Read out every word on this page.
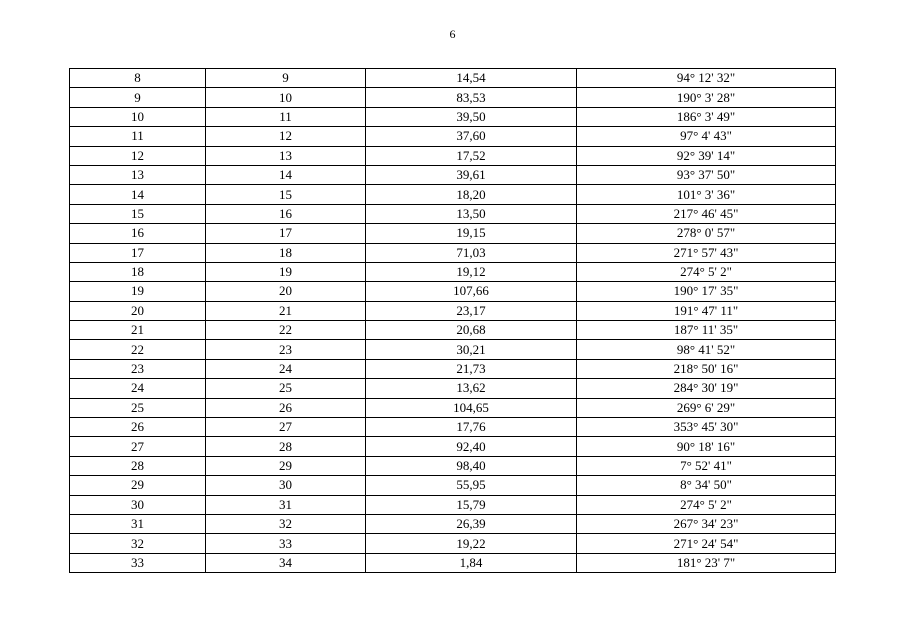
6
8	9	14,54	94° 12' 32"
9	10	83,53	190° 3' 28"
10	11	39,50	186° 3' 49"
11	12	37,60	97° 4' 43"
12	13	17,52	92° 39' 14"
13	14	39,61	93° 37' 50"
14	15	18,20	101° 3' 36"
15	16	13,50	217° 46' 45"
16	17	19,15	278° 0' 57"
17	18	71,03	271° 57' 43"
18	19	19,12	274° 5' 2"
19	20	107,66	190° 17' 35"
20	21	23,17	191° 47' 11"
21	22	20,68	187° 11' 35"
22	23	30,21	98° 41' 52"
23	24	21,73	218° 50' 16"
24	25	13,62	284° 30' 19"
25	26	104,65	269° 6' 29"
26	27	17,76	353° 45' 30"
27	28	92,40	90° 18' 16"
28	29	98,40	7° 52' 41"
29	30	55,95	8° 34' 50"
30	31	15,79	274° 5' 2"
31	32	26,39	267° 34' 23"
32	33	19,22	271° 24' 54"
33	34	1,84	181° 23' 7"
